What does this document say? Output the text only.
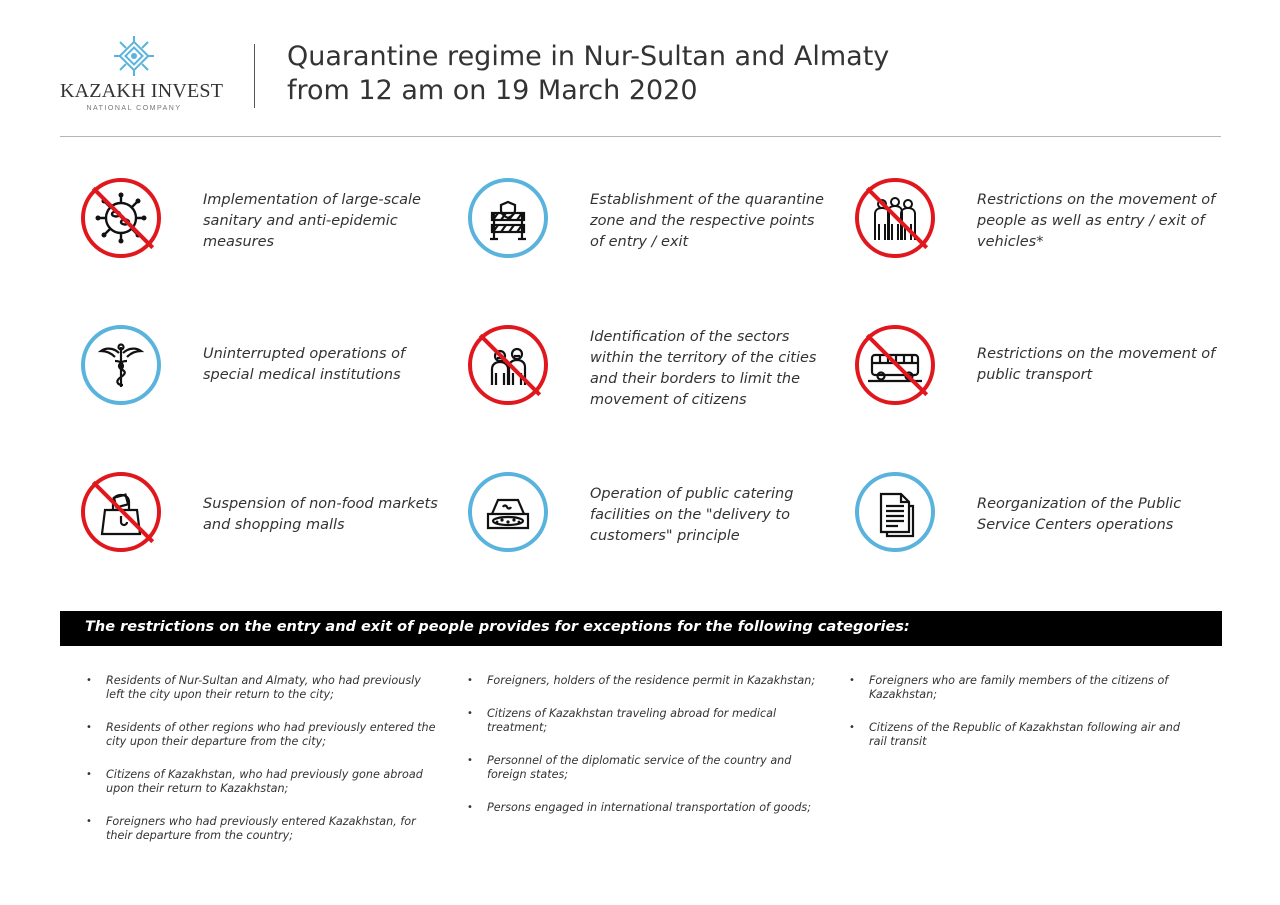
KAZAKH INVEST
NATIONAL COMPANY
Quarantine regime in Nur-Sultan and Almaty
from 12 am on 19 March 2020
Implementation of large-scale sanitary and anti-epidemic measures
Establishment of the quarantine zone and the respective points of entry / exit
Restrictions on the movement of people as well as entry / exit of vehicles*
Uninterrupted operations of special medical institutions
Identification of the sectors within the territory of the cities and their borders to limit the movement of citizens
Restrictions on the movement of public transport
Suspension of non-food markets and shopping malls
Operation of public catering facilities on the "delivery to customers" principle
Reorganization of the Public Service Centers operations
The restrictions on the entry and exit of people provides for exceptions for the following categories:
• Residents of Nur-Sultan and Almaty, who had previously left the city upon their return to the city;
• Residents of other regions who had previously entered the city upon their departure from the city;
• Citizens of Kazakhstan, who had previously gone abroad upon their return to Kazakhstan;
• Foreigners who had previously entered Kazakhstan, for their departure from the country;
• Foreigners, holders of the residence permit in Kazakhstan;
• Citizens of Kazakhstan traveling abroad for medical treatment;
• Personnel of the diplomatic service of the country and foreign states;
• Persons engaged in international transportation of goods;
• Foreigners who are family members of the citizens of Kazakhstan;
• Citizens of the Republic of Kazakhstan following air and rail transit
